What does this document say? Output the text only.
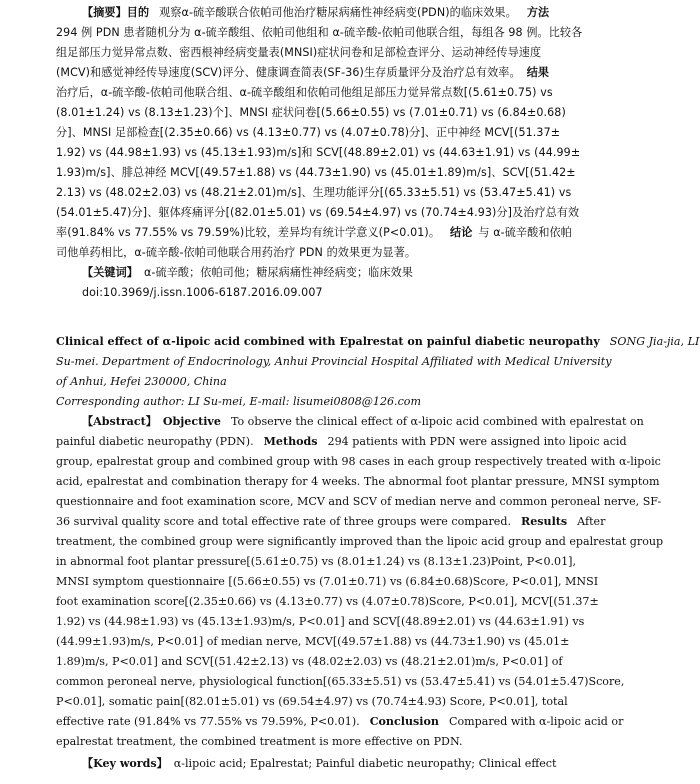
【摘要】目的 观察α-硫辛酸联合依帕司他治疗糖尿病痛性神经病变(PDN)的临床效果。 方法
294 例 PDN 患者随机分为 α-硫辛酸组、依帕司他组和 α-硫辛酸-依帕司他联合组，每组各 98 例。比较各
组足部压力觉异常点数、密西根神经病变量表(MNSI)症状问卷和足部检查评分、运动神经传导速度
(MCV)和感觉神经传导速度(SCV)评分、健康调查简表(SF-36)生存质量评分及治疗总有效率。 结果
治疗后，α-硫辛酸-依帕司他联合组、α-硫辛酸组和依帕司他组足部压力觉异常点数[(5.61±0.75) vs
(8.01±1.24) vs (8.13±1.23)个]、MNSI 症状问卷[(5.66±0.55) vs (7.01±0.71) vs (6.84±0.68)
分]、MNSI 足部检查[(2.35±0.66) vs (4.13±0.77) vs (4.07±0.78)分]、正中神经 MCV[(51.37±
1.92) vs (44.98±1.93) vs (45.13±1.93)m/s]和 SCV[(48.89±2.01) vs (44.63±1.91) vs (44.99±
1.93)m/s]、腓总神经 MCV[(49.57±1.88) vs (44.73±1.90) vs (45.01±1.89)m/s]、SCV[(51.42±
2.13) vs (48.02±2.03) vs (48.21±2.01)m/s]、生理功能评分[(65.33±5.51) vs (53.47±5.41) vs
(54.01±5.47)分]、躯体疼痛评分[(82.01±5.01) vs (69.54±4.97) vs (70.74±4.93)分]及治疗总有效
率(91.84% vs 77.55% vs 79.59%)比较，差异均有统计学意义(P<0.01)。 结论 与 α-硫辛酸和依帕
司他单药相比，α-硫辛酸-依帕司他联合用药治疗 PDN 的效果更为显著。
【关键词】 α-硫辛酸；依帕司他；糖尿病痛性神经病变；临床效果
doi:10.3969/j.issn.1006-6187.2016.09.007
Clinical effect of α-lipoic acid combined with Epalrestat on painful diabetic neuropathy SONG Jia-jia, LI
Su-mei. Department of Endocrinology, Anhui Provincial Hospital Affiliated with Medical University
of Anhui, Hefei 230000, China
Corresponding author: LI Su-mei, E-mail: lisumei0808@126.com
【Abstract】 Objective To observe the clinical effect of α-lipoic acid combined with epalrestat on
painful diabetic neuropathy (PDN). Methods 294 patients with PDN were assigned into lipoic acid
group, epalrestat group and combined group with 98 cases in each group respectively treated with α-lipoic
acid, epalrestat and combination therapy for 4 weeks. The abnormal foot plantar pressure, MNSI symptom
questionnaire and foot examination score, MCV and SCV of median nerve and common peroneal nerve, SF-
36 survival quality score and total effective rate of three groups were compared. Results After
treatment, the combined group were significantly improved than the lipoic acid group and epalrestat group
in abnormal foot plantar pressure[(5.61±0.75) vs (8.01±1.24) vs (8.13±1.23)Point, P<0.01],
MNSI symptom questionnaire [(5.66±0.55) vs (7.01±0.71) vs (6.84±0.68)Score, P<0.01], MNSI
foot examination score[(2.35±0.66) vs (4.13±0.77) vs (4.07±0.78)Score, P<0.01], MCV[(51.37±
1.92) vs (44.98±1.93) vs (45.13±1.93)m/s, P<0.01] and SCV[(48.89±2.01) vs (44.63±1.91) vs
(44.99±1.93)m/s, P<0.01] of median nerve, MCV[(49.57±1.88) vs (44.73±1.90) vs (45.01±
1.89)m/s, P<0.01] and SCV[(51.42±2.13) vs (48.02±2.03) vs (48.21±2.01)m/s, P<0.01] of
common peroneal nerve, physiological function[(65.33±5.51) vs (53.47±5.41) vs (54.01±5.47)Score,
P<0.01], somatic pain[(82.01±5.01) vs (69.54±4.97) vs (70.74±4.93) Score, P<0.01], total
effective rate (91.84% vs 77.55% vs 79.59%, P<0.01). Conclusion Compared with α-lipoic acid or
epalrestat treatment, the combined treatment is more effective on PDN.
【Key words】 α-lipoic acid; Epalrestat; Painful diabetic neuropathy; Clinical effect
